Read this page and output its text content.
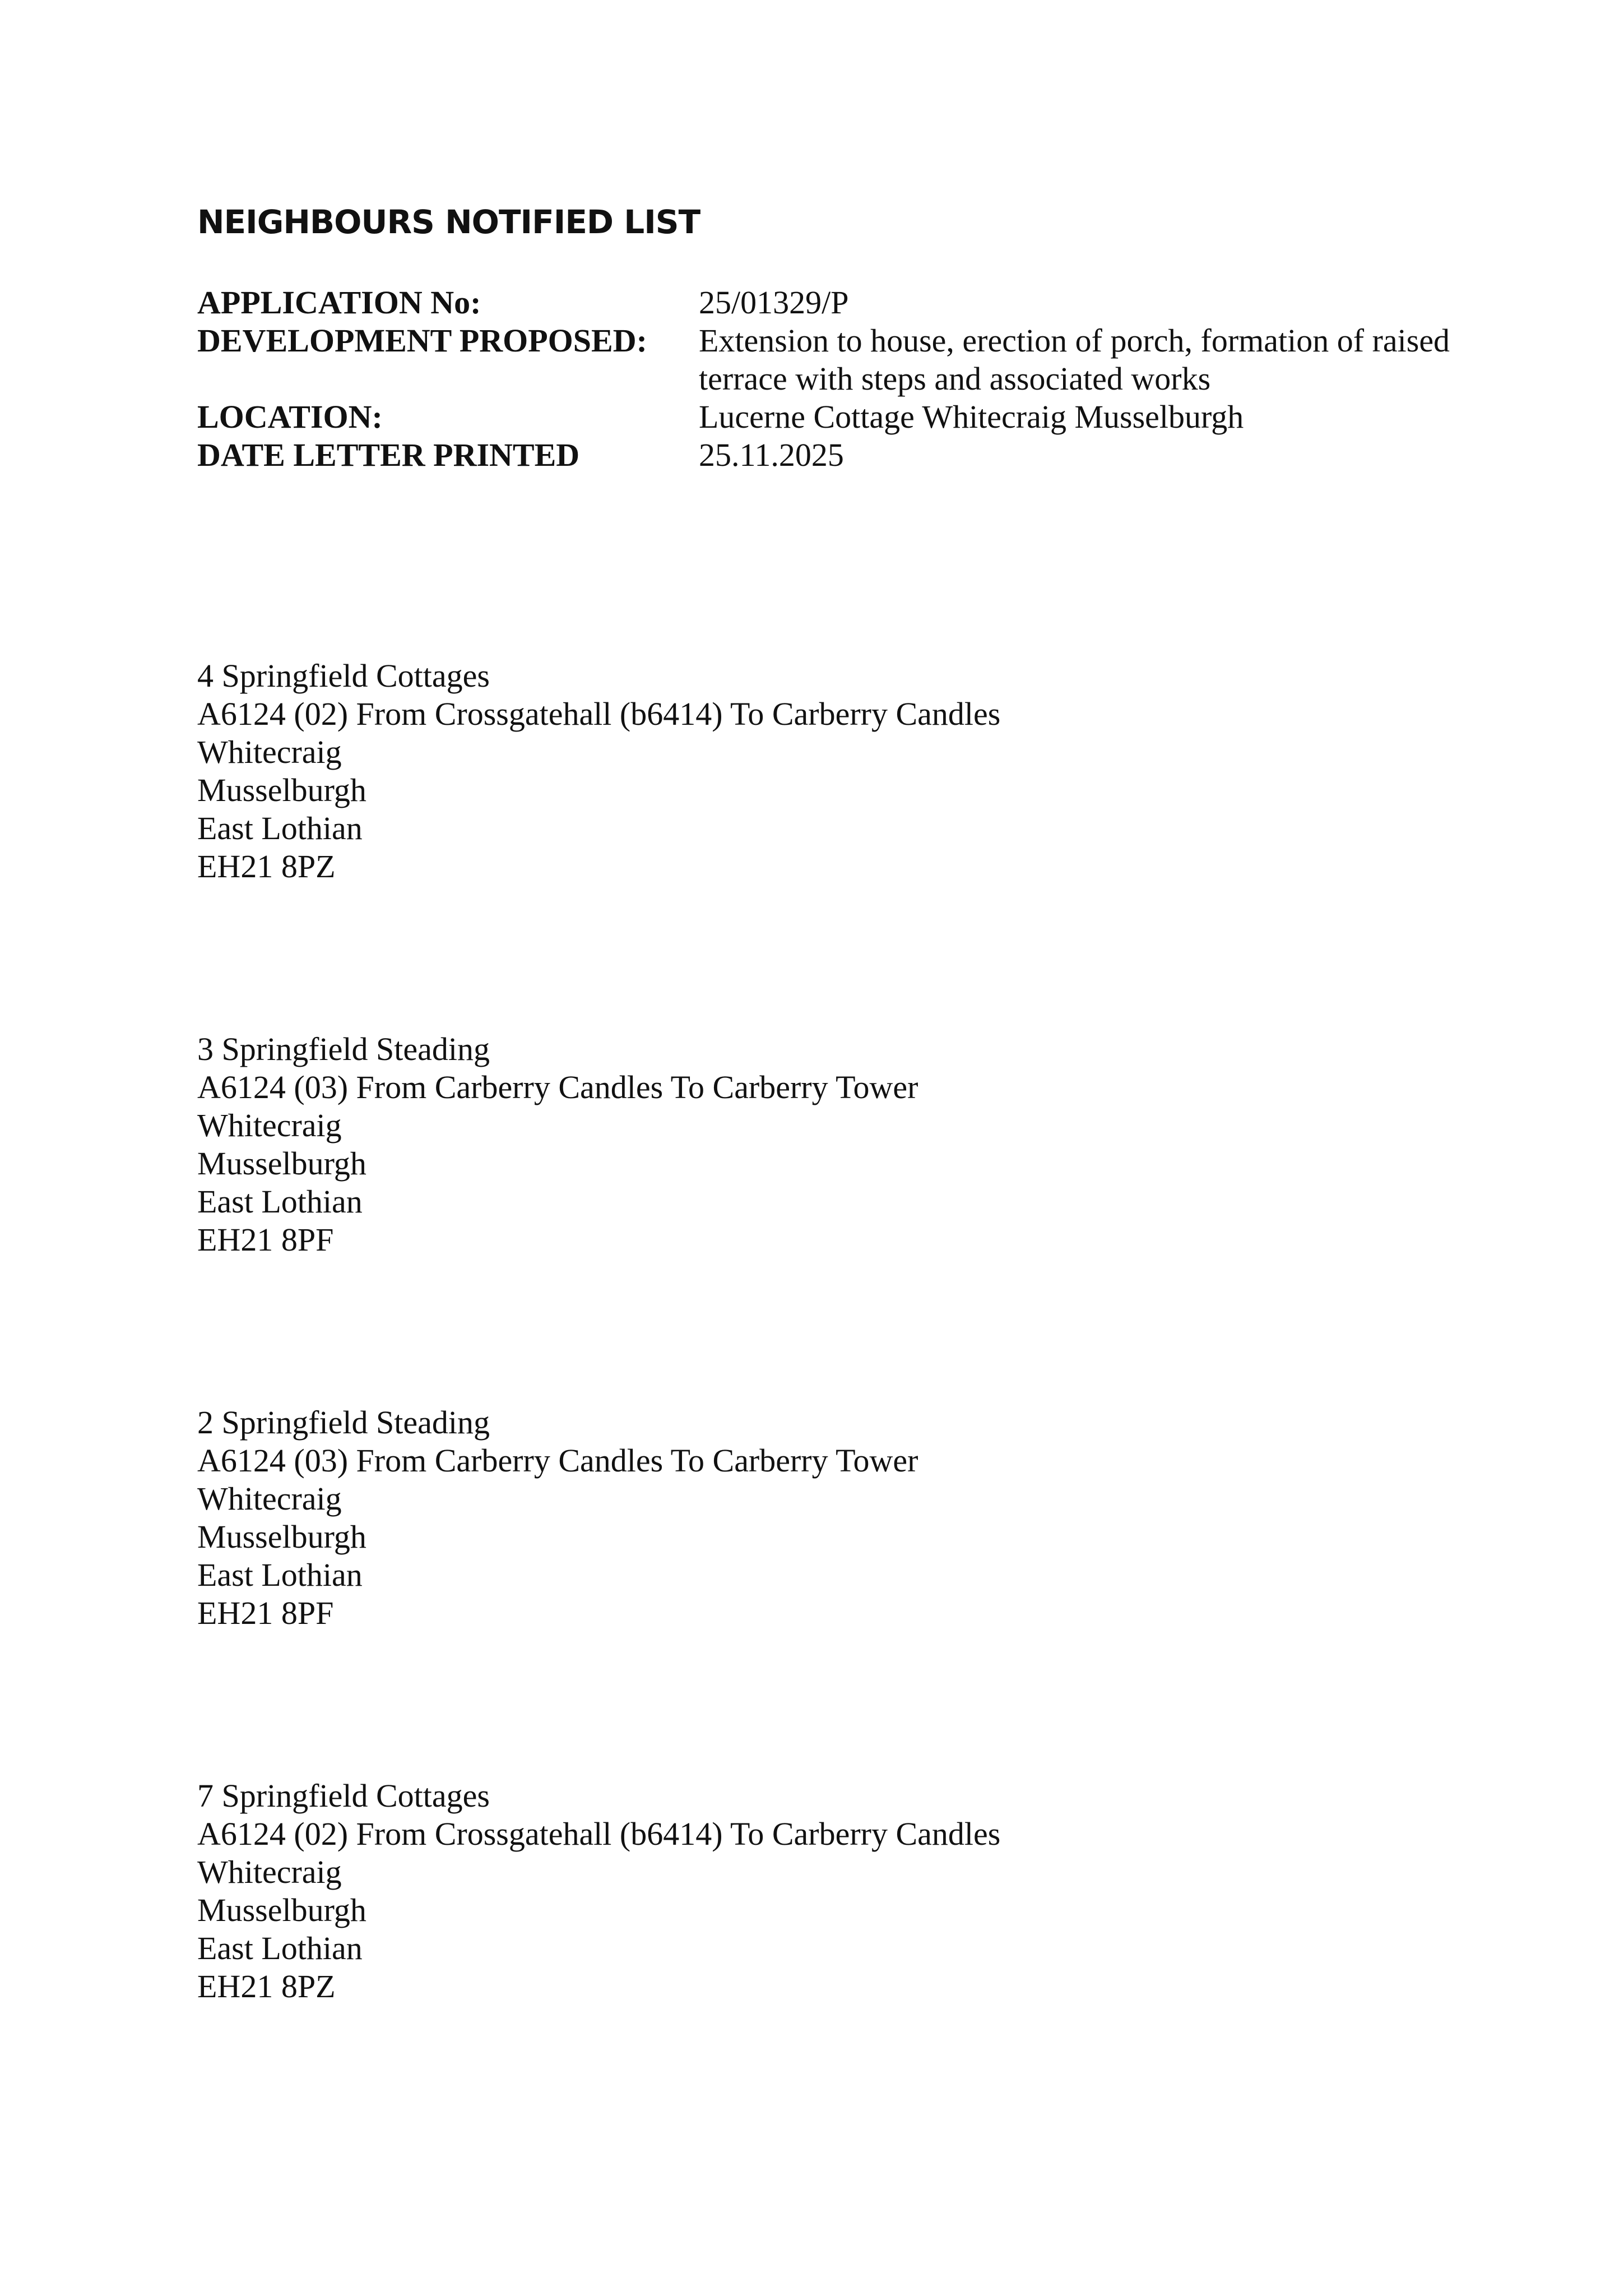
NEIGHBOURS NOTIFIED LIST
APPLICATION No:	25/01329/P
DEVELOPMENT PROPOSED:	Extension to house, erection of porch, formation of raised terrace with steps and associated works
LOCATION:	Lucerne Cottage Whitecraig Musselburgh
DATE LETTER PRINTED	25.11.2025
4 Springfield Cottages
A6124 (02) From Crossgatehall (b6414) To Carberry Candles
Whitecraig
Musselburgh
East Lothian
EH21 8PZ
3 Springfield Steading
A6124 (03) From Carberry Candles To Carberry Tower
Whitecraig
Musselburgh
East Lothian
EH21 8PF
2 Springfield Steading
A6124 (03) From Carberry Candles To Carberry Tower
Whitecraig
Musselburgh
East Lothian
EH21 8PF
7 Springfield Cottages
A6124 (02) From Crossgatehall (b6414) To Carberry Candles
Whitecraig
Musselburgh
East Lothian
EH21 8PZ
